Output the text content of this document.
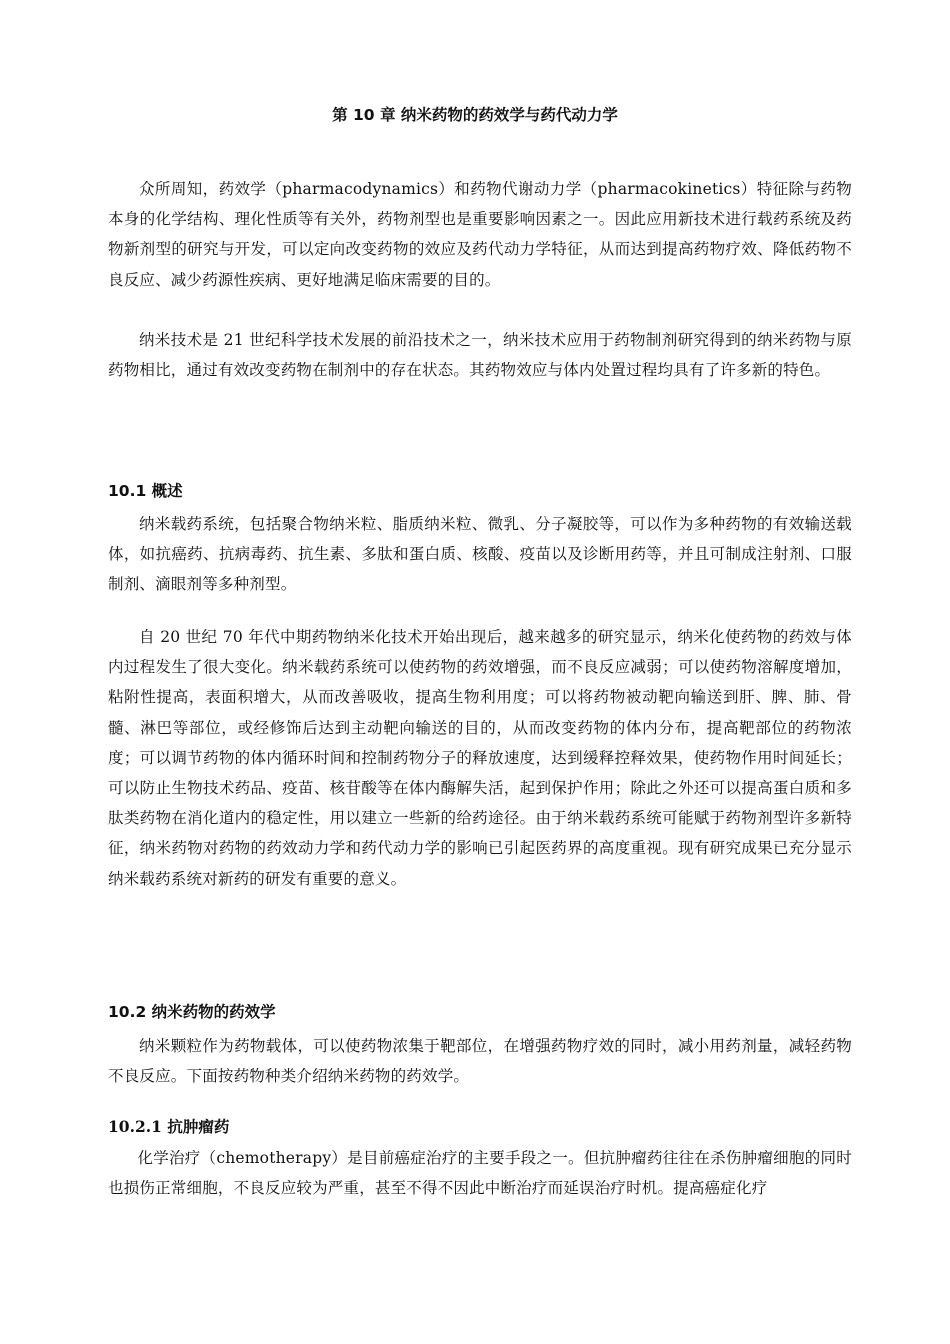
第 10 章 纳米药物的药效学与药代动力学

众所周知，药效学（pharmacodynamics）和药物代谢动力学（pharmacokinetics）特征除与药物本身的化学结构、理化性质等有关外，药物剂型也是重要影响因素之一。因此应用新技术进行载药系统及药物新剂型的研究与开发，可以定向改变药物的效应及药代动力学特征，从而达到提高药物疗效、降低药物不良反应、减少药源性疾病、更好地满足临床需要的目的。

纳米技术是 21 世纪科学技术发展的前沿技术之一，纳米技术应用于药物制剂研究得到的纳米药物与原药物相比，通过有效改变药物在制剂中的存在状态。其药物效应与体内处置过程均具有了许多新的特色。

10.1 概述

纳米载药系统，包括聚合物纳米粒、脂质纳米粒、微乳、分子凝胶等，可以作为多种药物的有效输送载体，如抗癌药、抗病毒药、抗生素、多肽和蛋白质、核酸、疫苗以及诊断用药等，并且可制成注射剂、口服制剂、滴眼剂等多种剂型。

自 20 世纪 70 年代中期药物纳米化技术开始出现后，越来越多的研究显示，纳米化使药物的药效与体内过程发生了很大变化。纳米载药系统可以使药物的药效增强，而不良反应减弱；可以使药物溶解度增加，粘附性提高，表面积增大，从而改善吸收，提高生物利用度；可以将药物被动靶向输送到肝、脾、肺、骨髓、淋巴等部位，或经修饰后达到主动靶向输送的目的，从而改变药物的体内分布，提高靶部位的药物浓度；可以调节药物的体内循环时间和控制药物分子的释放速度，达到缓释控释效果，使药物作用时间延长；可以防止生物技术药品、疫苗、核苷酸等在体内酶解失活，起到保护作用；除此之外还可以提高蛋白质和多肽类药物在消化道内的稳定性，用以建立一些新的给药途径。由于纳米载药系统可能赋于药物剂型许多新特征，纳米药物对药物的药效动力学和药代动力学的影响已引起医药界的高度重视。现有研究成果已充分显示纳米载药系统对新药的研发有重要的意义。

10.2 纳米药物的药效学

纳米颗粒作为药物载体，可以使药物浓集于靶部位，在增强药物疗效的同时，减小用药剂量，减轻药物不良反应。下面按药物种类介绍纳米药物的药效学。

10.2.1 抗肿瘤药

化学治疗（chemotherapy）是目前癌症治疗的主要手段之一。但抗肿瘤药往往在杀伤肿瘤细胞的同时也损伤正常细胞，不良反应较为严重，甚至不得不因此中断治疗而延误治疗时机。提高癌症化疗
